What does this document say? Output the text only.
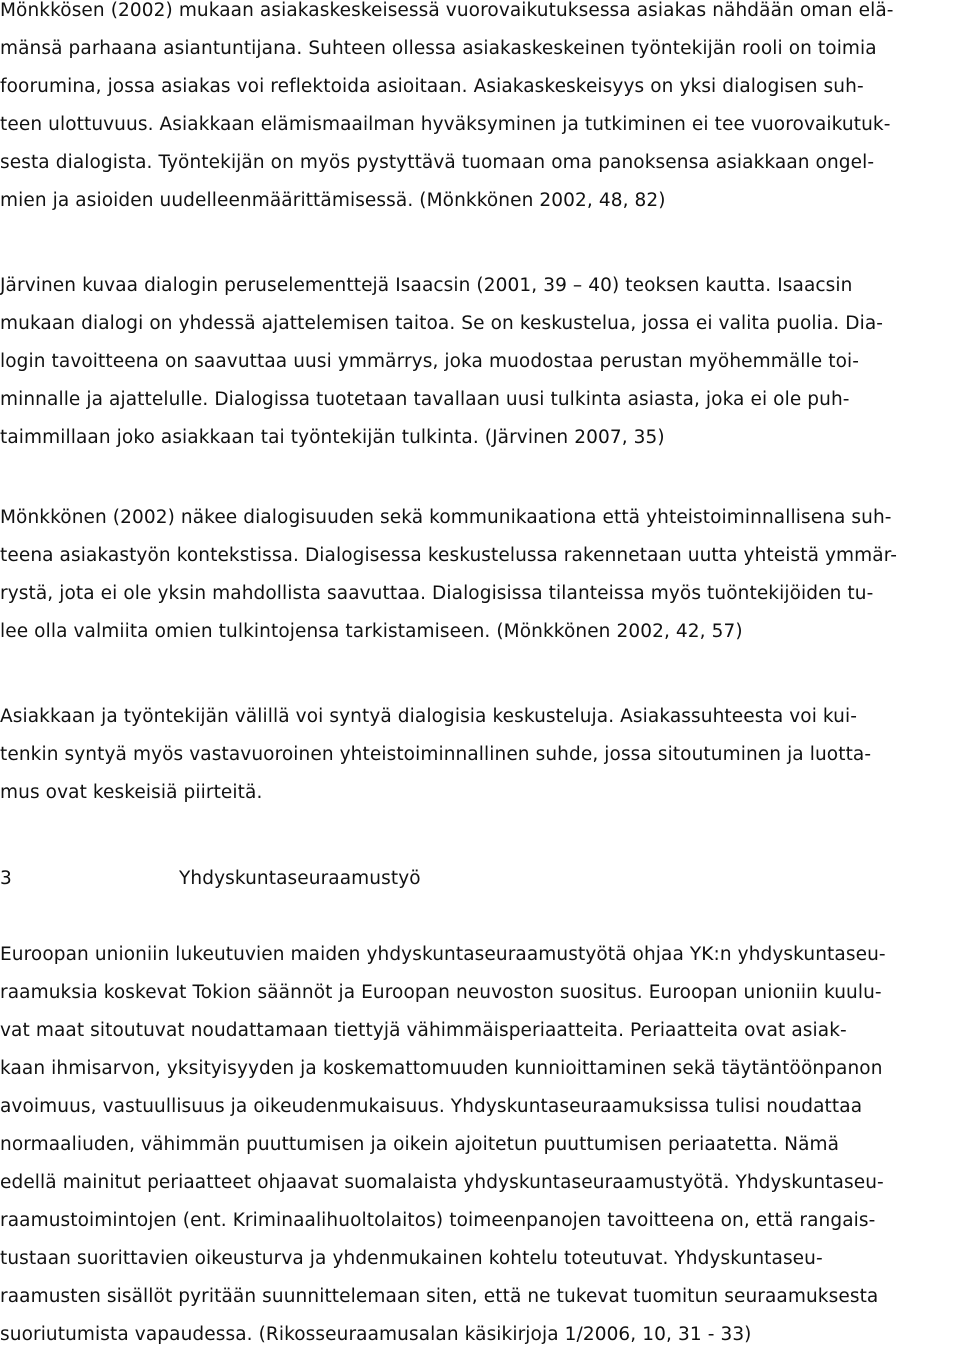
Mönkkösen (2002) mukaan asiakaskeskeisessä vuorovaikutuksessa asiakas nähdään oman elä-
mänsä parhaana asiantuntijana. Suhteen ollessa asiakaskeskeinen työntekijän rooli on toimia
foorumina, jossa asiakas voi reflektoida asioitaan. Asiakaskeskeisyys on yksi dialogisen suh-
teen ulottuvuus. Asiakkaan elämismaailman hyväksyminen ja tutkiminen ei tee vuorovaikutuk-
sesta dialogista. Työntekijän on myös pystyttävä tuomaan oma panoksensa asiakkaan ongel-
mien ja asioiden uudelleenmäärittämisessä. (Mönkkönen 2002, 48, 82)
Järvinen kuvaa dialogin peruselementtejä Isaacsin (2001, 39 – 40) teoksen kautta. Isaacsin
mukaan dialogi on yhdessä ajattelemisen taitoa. Se on keskustelua, jossa ei valita puolia. Dia-
login tavoitteena on saavuttaa uusi ymmärrys, joka muodostaa perustan myöhemmälle toi-
minnalle ja ajattelulle. Dialogissa tuotetaan tavallaan uusi tulkinta asiasta, joka ei ole puh-
taimmillaan joko asiakkaan tai työntekijän tulkinta. (Järvinen 2007, 35)
Mönkkönen (2002) näkee dialogisuuden sekä kommunikaationa että yhteistoiminnallisena suh-
teena asiakastyön kontekstissa. Dialogisessa keskustelussa rakennetaan uutta yhteistä ymmär-
rystä, jota ei ole yksin mahdollista saavuttaa. Dialogisissa tilanteissa myös tuöntekijöiden tu-
lee olla valmiita omien tulkintojensa tarkistamiseen. (Mönkkönen 2002, 42, 57)
Asiakkaan ja työntekijän välillä voi syntyä dialogisia keskusteluja. Asiakassuhteesta voi kui-
tenkin syntyä myös vastavuoroinen yhteistoiminnallinen suhde, jossa sitoutuminen ja luotta-
mus ovat keskeisiä piirteitä.
3	Yhdyskuntaseuraamustyö
Euroopan unioniin lukeutuvien maiden yhdyskuntaseuraamustyötä ohjaa YK:n yhdyskuntaseu-
raamuksia koskevat Tokion säännöt ja Euroopan neuvoston suositus. Euroopan unioniin kuulu-
vat maat sitoutuvat noudattamaan tiettyjä vähimmäisperiaatteita. Periaatteita ovat asiak-
kaan ihmisarvon, yksityisyyden ja koskemattomuuden kunnioittaminen sekä täytäntöönpanon
avoimuus, vastuullisuus ja oikeudenmukaisuus. Yhdyskuntaseuraamuksissa tulisi noudattaa
normaaliuden, vähimmän puuttumisen ja oikein ajoitetun puuttumisen periaatetta. Nämä
edellä mainitut periaatteet ohjaavat suomalaista yhdyskuntaseuraamustyötä. Yhdyskuntaseu-
raamustoimintojen (ent. Kriminaalihuoltolaitos) toimeenpanojen tavoitteena on, että rangais-
tustaan suorittavien oikeusturva ja yhdenmukainen kohtelu toteutuvat. Yhdyskuntaseu-
raamusten sisällöt pyritään suunnittelemaan siten, että ne tukevat tuomitun seuraamuksesta
suoriutumista vapaudessa. (Rikosseuraamusalan käsikirjoja 1/2006, 10, 31 - 33)
